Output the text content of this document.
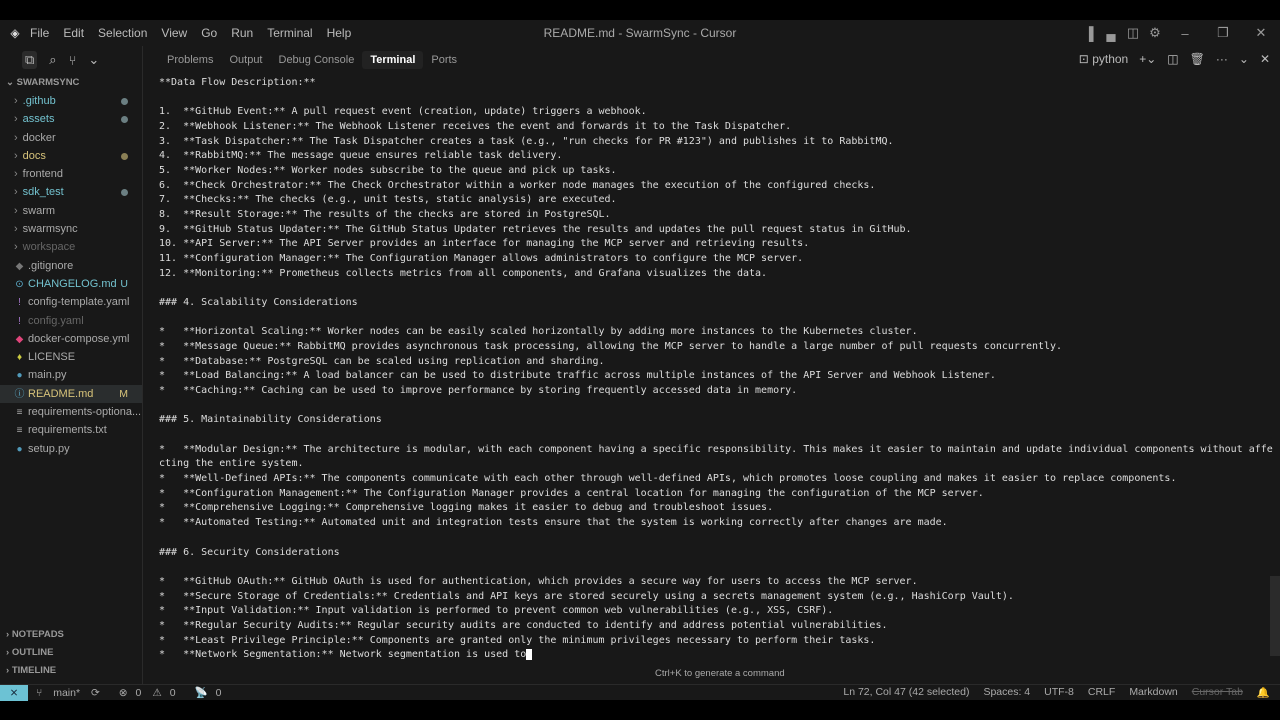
◈ File Edit Selection View Go Run Terminal Help	README.md - SwarmSync - Cursor	▐ ▄ ◫ ⚙	–	❐	✕
⧉ ⌕ ⑂ ⌄
⌄ SWARMSYNC
› .github
› assets
› docker
› docs
› frontend
› sdk_test
› swarm
› swarmsync
› workspace
◆ .gitignore
⊙ CHANGELOG.md U
! config-template.yaml
! config.yaml
◆ docker-compose.yml
♦ LICENSE
● main.py
ⓘ README.md M
≡ requirements-optiona...
≡ requirements.txt
● setup.py
› NOTEPADS
› OUTLINE
› TIMELINE
Problems	Output	Debug Console	Terminal	Ports	⊡ python +⌄ ◫ 🗑 ··· ⌄ ✕
**Data Flow Description:**
1.  **GitHub Event:** A pull request event (creation, update) triggers a webhook.
2.  **Webhook Listener:** The Webhook Listener receives the event and forwards it to the Task Dispatcher.
3.  **Task Dispatcher:** The Task Dispatcher creates a task (e.g., "run checks for PR #123") and publishes it to RabbitMQ.
4.  **RabbitMQ:** The message queue ensures reliable task delivery.
5.  **Worker Nodes:** Worker nodes subscribe to the queue and pick up tasks.
6.  **Check Orchestrator:** The Check Orchestrator within a worker node manages the execution of the configured checks.
7.  **Checks:** The checks (e.g., unit tests, static analysis) are executed.
8.  **Result Storage:** The results of the checks are stored in PostgreSQL.
9.  **GitHub Status Updater:** The GitHub Status Updater retrieves the results and updates the pull request status in GitHub.
10. **API Server:** The API Server provides an interface for managing the MCP server and retrieving results.
11. **Configuration Manager:** The Configuration Manager allows administrators to configure the MCP server.
12. **Monitoring:** Prometheus collects metrics from all components, and Grafana visualizes the data.
### 4. Scalability Considerations
*   **Horizontal Scaling:** Worker nodes can be easily scaled horizontally by adding more instances to the Kubernetes cluster.
*   **Message Queue:** RabbitMQ provides asynchronous task processing, allowing the MCP server to handle a large number of pull requests concurrently.
*   **Database:** PostgreSQL can be scaled using replication and sharding.
*   **Load Balancing:** A load balancer can be used to distribute traffic across multiple instances of the API Server and Webhook Listener.
*   **Caching:** Caching can be used to improve performance by storing frequently accessed data in memory.
### 5. Maintainability Considerations
*   **Modular Design:** The architecture is modular, with each component having a specific responsibility. This makes it easier to maintain and update individual components without affe
cting the entire system.
*   **Well-Defined APIs:** The components communicate with each other through well-defined APIs, which promotes loose coupling and makes it easier to replace components.
*   **Configuration Management:** The Configuration Manager provides a central location for managing the configuration of the MCP server.
*   **Comprehensive Logging:** Comprehensive logging makes it easier to debug and troubleshoot issues.
*   **Automated Testing:** Automated unit and integration tests ensure that the system is working correctly after changes are made.
### 6. Security Considerations
*   **GitHub OAuth:** GitHub OAuth is used for authentication, which provides a secure way for users to access the MCP server.
*   **Secure Storage of Credentials:** Credentials and API keys are stored securely using a secrets management system (e.g., HashiCorp Vault).
*   **Input Validation:** Input validation is performed to prevent common web vulnerabilities (e.g., XSS, CSRF).
*   **Regular Security Audits:** Regular security audits are conducted to identify and address potential vulnerabilities.
*   **Least Privilege Principle:** Components are granted only the minimum privileges necessary to perform their tasks.
*   **Network Segmentation:** Network segmentation is used to
Ctrl+K to generate a command
⨯	⑂ main* ⟳ ⊗ 0 ⚠ 0 📡 0	Ln 72, Col 47 (42 selected) Spaces: 4 UTF-8 CRLF Markdown Cursor Tab 🔔
